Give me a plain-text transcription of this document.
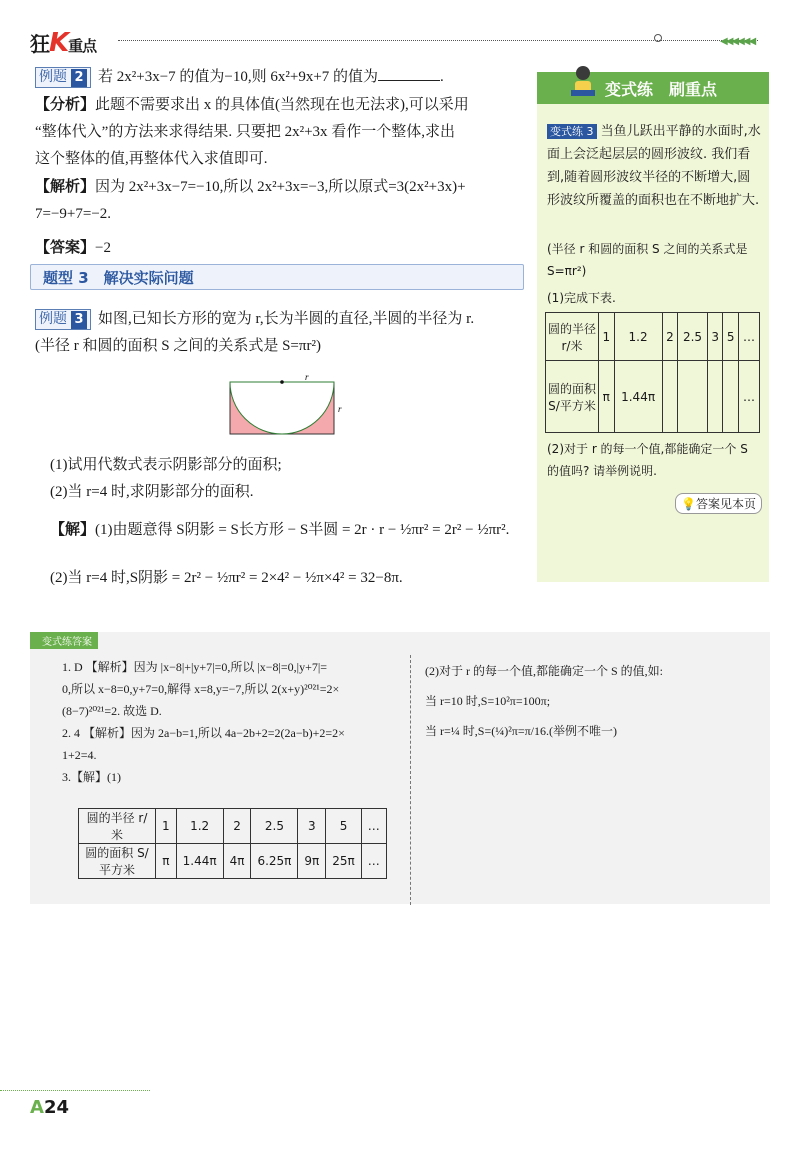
狂K重点	◀◀◀◀◀◀
例题 2 若 2x²+3x−7 的值为−10,则 6x²+9x+7 的值为	.
【分析】此题不需要求出 x 的具体值(当然现在也无法求),可以采用
“整体代入”的方法来求得结果. 只要把 2x²+3x 看作一个整体,求出
这个整体的值,再整体代入求值即可.
【解析】因为 2x²+3x−7=−10,所以 2x²+3x=−3,所以原式=3(2x²+3x)+
7=−9+7=−2.
【答案】−2
题型 3　解决实际问题
例题 3 如图,已知长方形的宽为 r,长为半圆的直径,半圆的半径为 r.
(半径 r 和圆的面积 S 之间的关系式是 S=πr²)
r
r
(1)试用代数式表示阴影部分的面积;
(2)当 r=4 时,求阴影部分的面积.
【解】(1)由题意得 S阴影 = S长方形 − S半圆 = 2r · r − ½πr² = 2r² − ½πr².
(2)当 r=4 时,S阴影 = 2r² − ½πr² = 2×4² − ½π×4² = 32−8π.
变式练　刷重点
变式练 3 当鱼儿跃出平静的水面时,水面上会泛起层层的圆形波纹. 我们看到,随着圆形波纹半径的不断增大,圆形波纹所覆盖的面积也在不断地扩大.
(半径 r 和圆的面积 S 之间的关系式是 S=πr²)
(1)完成下表.
圆的半径 r/米	1	1.2	2	2.5	3	5	…
圆的面积 S/平方米	π	1.44π					…
(2)对于 r 的每一个值,都能确定一个 S 的值吗? 请举例说明.
💡答案见本页
变式练答案
1. D 【解析】因为 |x−8|+|y+7|=0,所以 |x−8|=0,|y+7|=
0,所以 x−8=0,y+7=0,解得 x=8,y=−7,所以 2(x+y)²⁰²¹=2×
(8−7)²⁰²¹=2. 故选 D.
2. 4 【解析】因为 2a−b=1,所以 4a−2b+2=2(2a−b)+2=2×
1+2=4.
3.【解】(1)
圆的半径 r/米	1	1.2	2	2.5	3	5	…
圆的面积 S/平方米	π	1.44π	4π	6.25π	9π	25π	…
(2)对于 r 的每一个值,都能确定一个 S 的值,如:
当 r=10 时,S=10²π=100π;
当 r=¼ 时,S=(¼)²π=π/16.(举例不唯一)
A24
